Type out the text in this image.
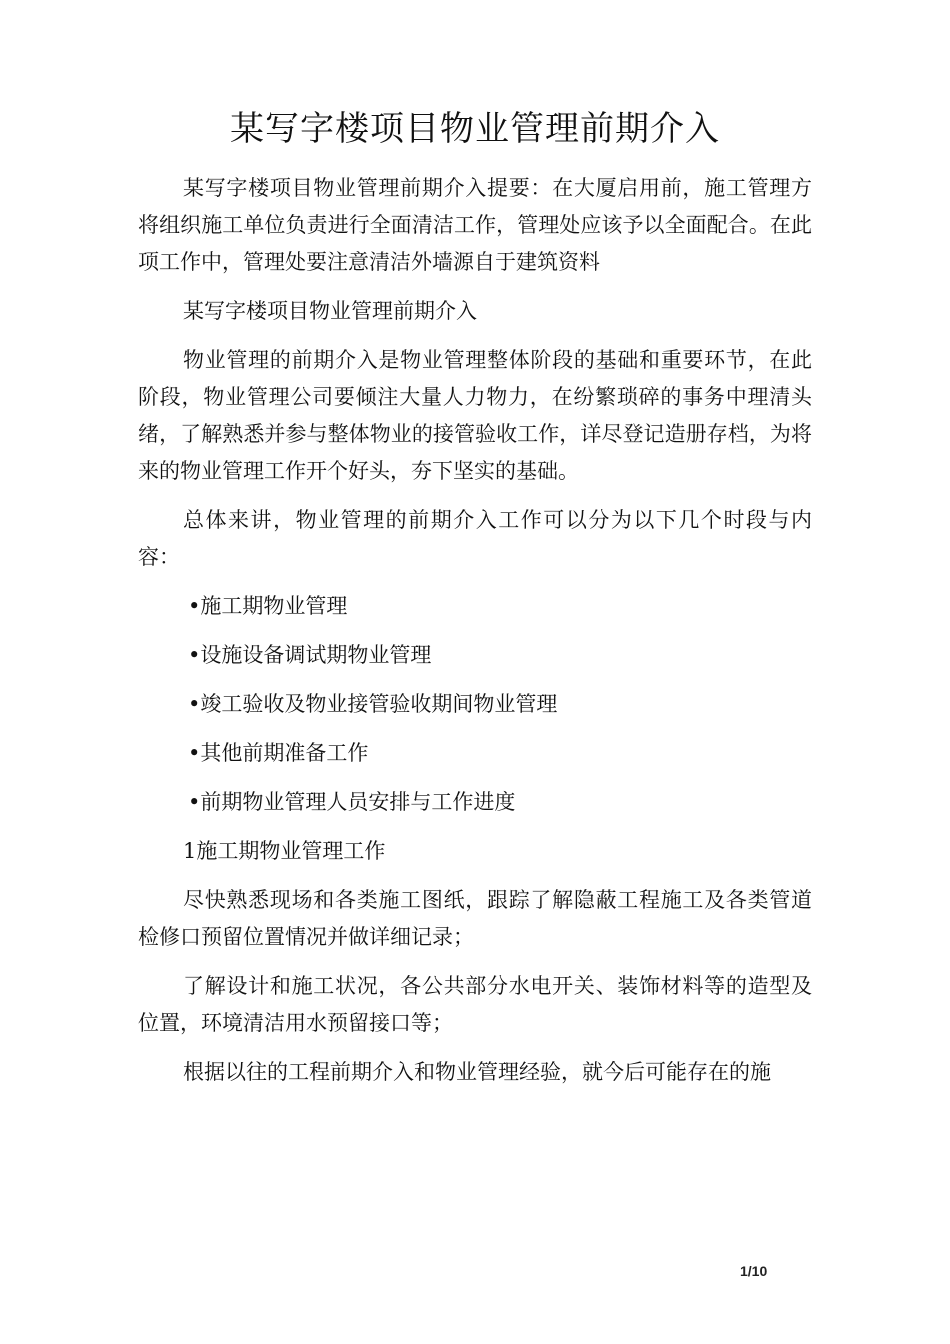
某写字楼项目物业管理前期介入

某写字楼项目物业管理前期介入提要：在大厦启用前，施工管理方将组织施工单位负责进行全面清洁工作，管理处应该予以全面配合。在此项工作中，管理处要注意清洁外墙源自于建筑资料

某写字楼项目物业管理前期介入

物业管理的前期介入是物业管理整体阶段的基础和重要环节，在此阶段，物业管理公司要倾注大量人力物力，在纷繁琐碎的事务中理清头绪，了解熟悉并参与整体物业的接管验收工作，详尽登记造册存档，为将来的物业管理工作开个好头，夯下坚实的基础。

总体来讲，物业管理的前期介入工作可以分为以下几个时段与内容：

•施工期物业管理

•设施设备调试期物业管理

•竣工验收及物业接管验收期间物业管理

•其他前期准备工作

•前期物业管理人员安排与工作进度

1施工期物业管理工作

尽快熟悉现场和各类施工图纸，跟踪了解隐蔽工程施工及各类管道检修口预留位置情况并做详细记录；

了解设计和施工状况，各公共部分水电开关、装饰材料等的造型及位置，环境清洁用水预留接口等；

根据以往的工程前期介入和物业管理经验，就今后可能存在的施

1/10
